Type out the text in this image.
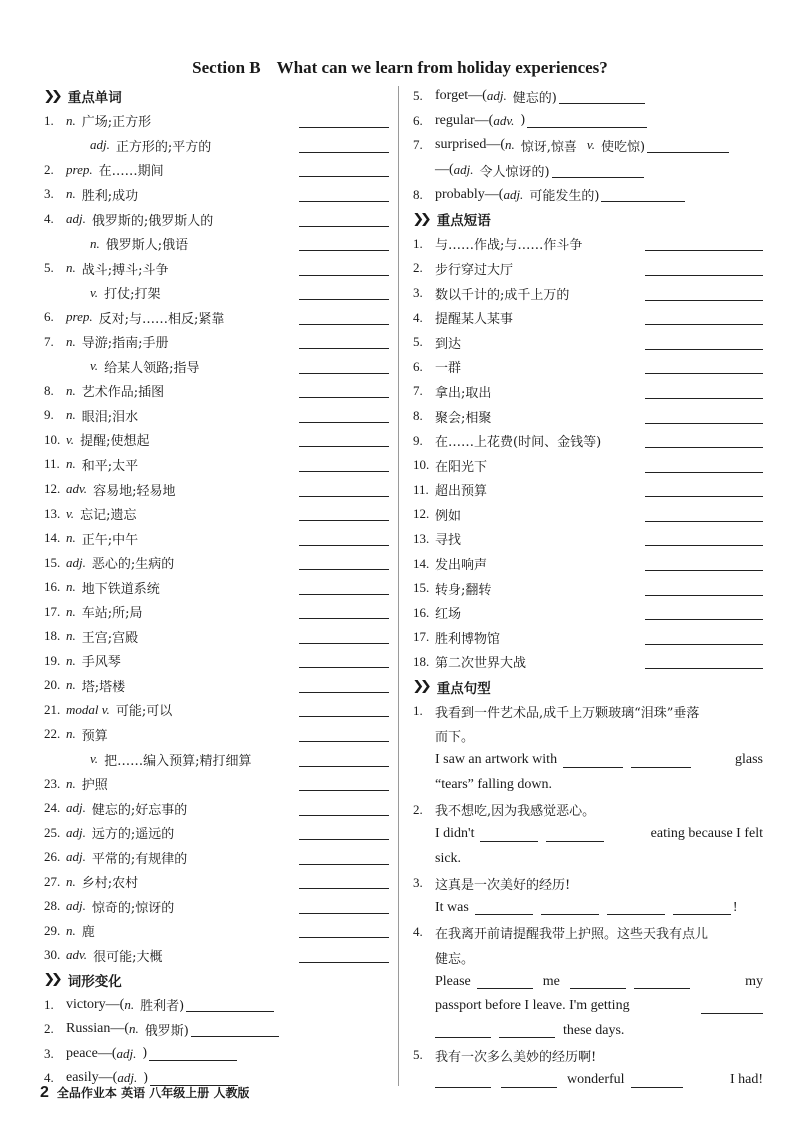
Section B What can we learn from holiday experiences?
❯❯ 重点单词
1. n. 广场;正方形
adj. 正方形的;平方的
2. prep. 在……期间
3. n. 胜利;成功
4. adj. 俄罗斯的;俄罗斯人的
n. 俄罗斯人;俄语
5. n. 战斗;搏斗;斗争
v. 打仗;打架
6. prep. 反对;与……相反;紧靠
7. n. 导游;指南;手册
v. 给某人领路;指导
8. n. 艺术作品;插图
9. n. 眼泪;泪水
10. v. 提醒;使想起
11. n. 和平;太平
12. adv. 容易地;轻易地
13. v. 忘记;遗忘
14. n. 正午;中午
15. adj. 恶心的;生病的
16. n. 地下铁道系统
17. n. 车站;所;局
18. n. 王宫;宫殿
19. n. 手风琴
20. n. 塔;塔楼
21. modal v. 可能;可以
22. n. 预算
v. 把……编入预算;精打细算
23. n. 护照
24. adj. 健忘的;好忘事的
25. adj. 远方的;遥远的
26. adj. 平常的;有规律的
27. n. 乡村;农村
28. adj. 惊奇的;惊讶的
29. n. 鹿
30. adv. 很可能;大概
❯❯ 词形变化
1. victory—( n. 胜利者)
2. Russian—( n. 俄罗斯)
3. peace—( adj. )
4. easily—( adj. )
5. forget—( adj. 健忘的)
6. regular—( adv. )
7. surprised—( n. 惊讶,惊喜 v. 使吃惊)
—( adj. 令人惊讶的)
8. probably—( adj. 可能发生的)
❯❯ 重点短语
1. 与……作战;与……作斗争
2. 步行穿过大厅
3. 数以千计的;成千上万的
4. 提醒某人某事
5. 到达
6. 一群
7. 拿出;取出
8. 聚会;相聚
9. 在……上花费(时间、金钱等)
10. 在阳光下
11. 超出预算
12. 例如
13. 寻找
14. 发出响声
15. 转身;翻转
16. 红场
17. 胜利博物馆
18. 第二次世界大战
❯❯ 重点句型
1. 我看到一件艺术品,成千上万颗玻璃“泪珠”垂落
而下。
I saw an artwork with	glass
“tears” falling down.
2. 我不想吃,因为我感觉恶心。
I didn't	eating because I felt
sick.
3. 这真是一次美好的经历!
It was	!
4. 在我离开前请提醒我带上护照。这些天我有点儿
健忘。
Please	me	my
passport before I leave. I'm getting
these days.
5. 我有一次多么美妙的经历啊!
wonderful	I had!
2 全品作业本 英语 八年级上册 人教版
